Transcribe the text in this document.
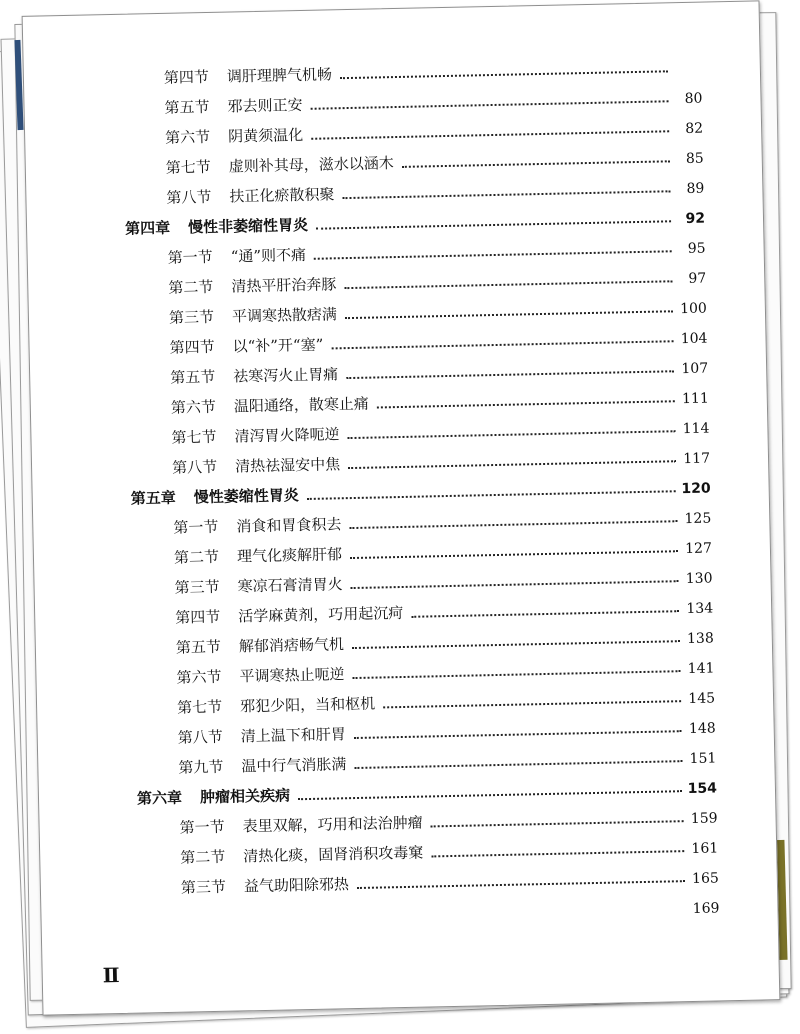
第四节 调肝理脾气机畅
第五节 邪去则正安	80
第六节 阴黄须温化	82
第七节 虚则补其母，滋水以涵木	85
第八节 扶正化瘀散积聚	89
第四章 慢性非萎缩性胃炎	92
第一节 “通”则不痛	95
第二节 清热平肝治奔豚	97
第三节 平调寒热散痞满	100
第四节 以“补”开“塞”	104
第五节 祛寒泻火止胃痛	107
第六节 温阳通络，散寒止痛	111
第七节 清泻胃火降呃逆	114
第八节 清热祛湿安中焦	117
第五章 慢性萎缩性胃炎	120
第一节 消食和胃食积去	125
第二节 理气化痰解肝郁	127
第三节 寒凉石膏清胃火	130
第四节 活学麻黄剂，巧用起沉疴	134
第五节 解郁消痞畅气机	138
第六节 平调寒热止呃逆	141
第七节 邪犯少阳，当和枢机	145
第八节 清上温下和肝胃	148
第九节 温中行气消胀满	151
第六章 肿瘤相关疾病	154
第一节 表里双解，巧用和法治肿瘤	159
第二节 清热化痰，固肾消积攻毒窠	161
第三节 益气助阳除邪热	165
169
Ⅱ
